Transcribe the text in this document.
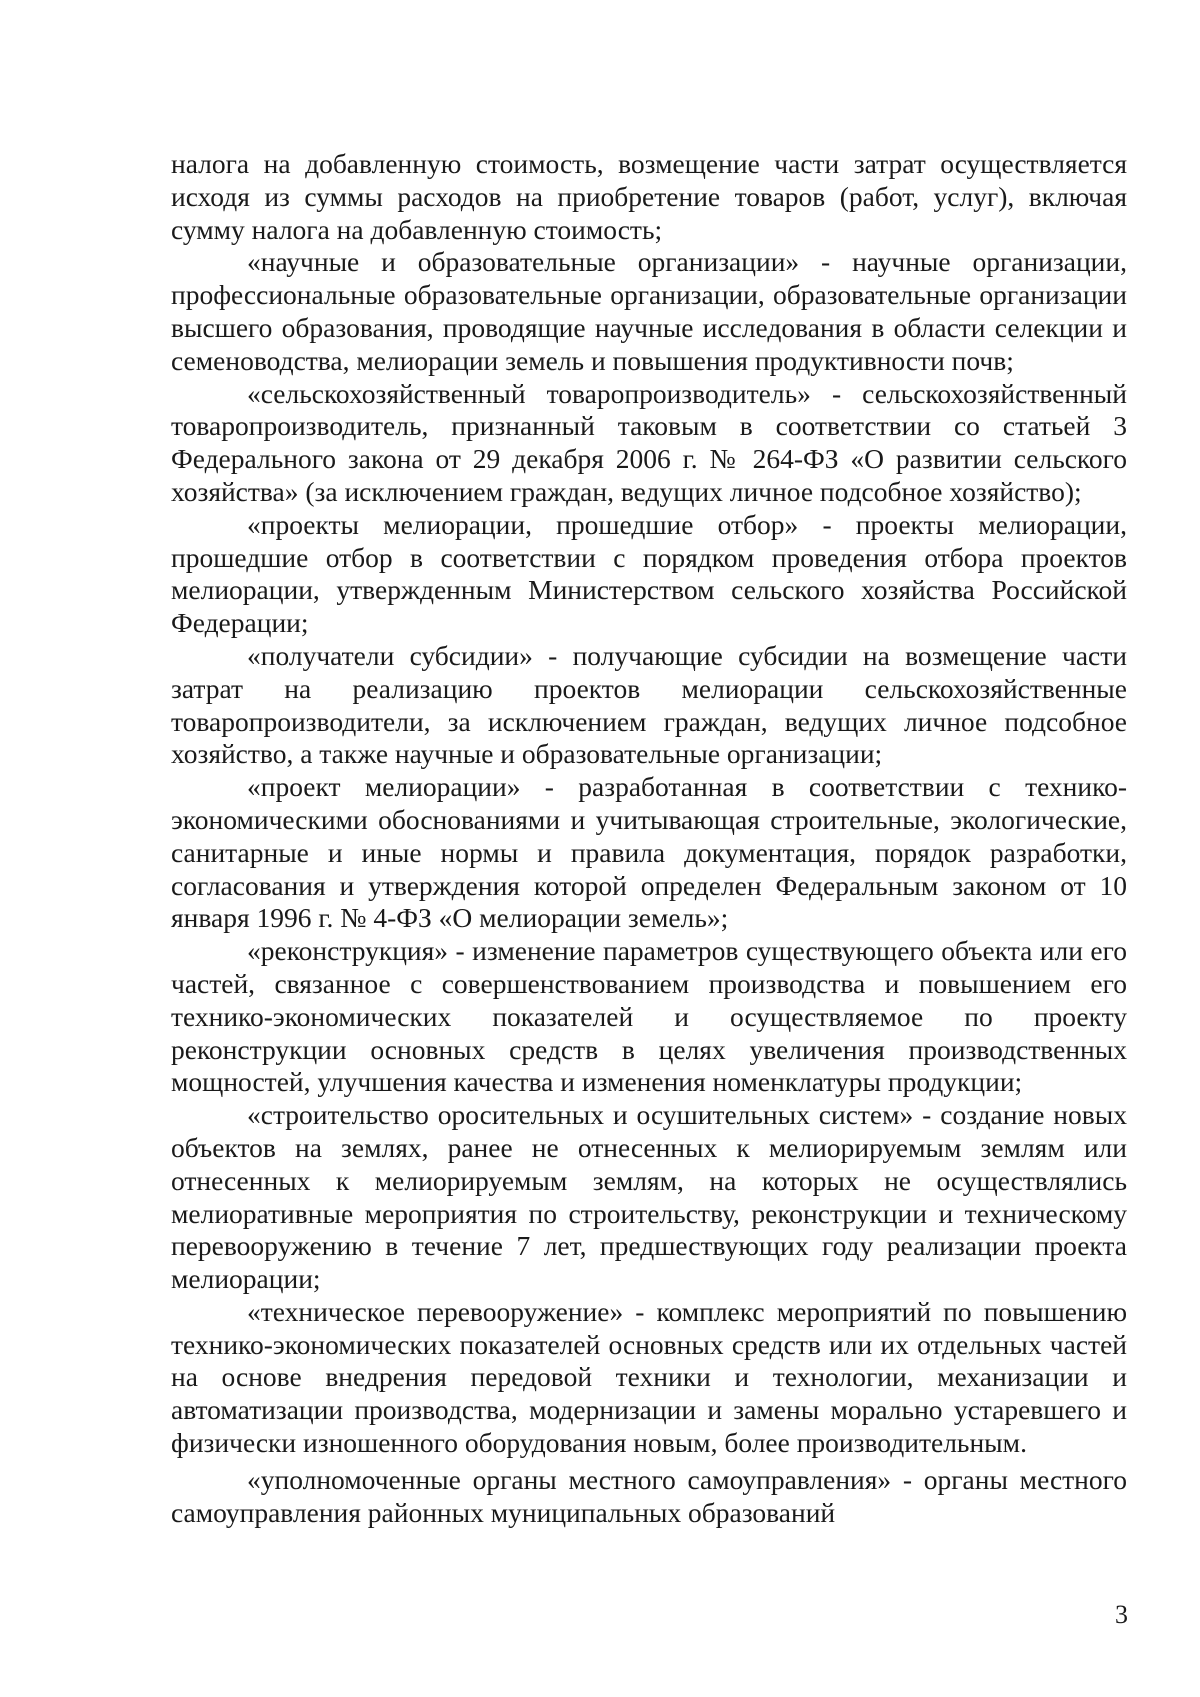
налога на добавленную стоимость, возмещение части затрат осуществляется исходя из суммы расходов на приобретение товаров (работ, услуг), включая сумму налога на добавленную стоимость;

«научные и образовательные организации» - научные организации, профессиональные образовательные организации, образовательные организации высшего образования, проводящие научные исследования в области селекции и семеноводства, мелиорации земель и повышения продуктивности почв;

«сельскохозяйственный товаропроизводитель» - сельскохозяйственный товаропроизводитель, признанный таковым в соответствии со статьей 3 Федерального закона от 29 декабря 2006 г. № 264-ФЗ «О развитии сельского хозяйства» (за исключением граждан, ведущих личное подсобное хозяйство);

«проекты мелиорации, прошедшие отбор» - проекты мелиорации, прошедшие отбор в соответствии с порядком проведения отбора проектов мелиорации, утвержденным Министерством сельского хозяйства Российской Федерации;

«получатели субсидии» - получающие субсидии на возмещение части затрат на реализацию проектов мелиорации сельскохозяйственные товаропроизводители, за исключением граждан, ведущих личное подсобное хозяйство, а также научные и образовательные организации;

«проект мелиорации» - разработанная в соответствии с технико-экономическими обоснованиями и учитывающая строительные, экологические, санитарные и иные нормы и правила документация, порядок разработки, согласования и утверждения которой определен Федеральным законом от 10 января 1996 г. № 4-ФЗ «О мелиорации земель»;

«реконструкция» - изменение параметров существующего объекта или его частей, связанное с совершенствованием производства и повышением его технико-экономических показателей и осуществляемое по проекту реконструкции основных средств в целях увеличения производственных мощностей, улучшения качества и изменения номенклатуры продукции;

«строительство оросительных и осушительных систем» - создание новых объектов на землях, ранее не отнесенных к мелиорируемым землям или отнесенных к мелиорируемым землям, на которых не осуществлялись мелиоративные мероприятия по строительству, реконструкции и техническому перевооружению в течение 7 лет, предшествующих году реализации проекта мелиорации;

«техническое перевооружение» - комплекс мероприятий по повышению технико-экономических показателей основных средств или их отдельных частей на основе внедрения передовой техники и технологии, механизации и автоматизации производства, модернизации и замены морально устаревшего и физически изношенного оборудования новым, более производительным.

«уполномоченные органы местного самоуправления» - органы местного самоуправления районных муниципальных образований

3
